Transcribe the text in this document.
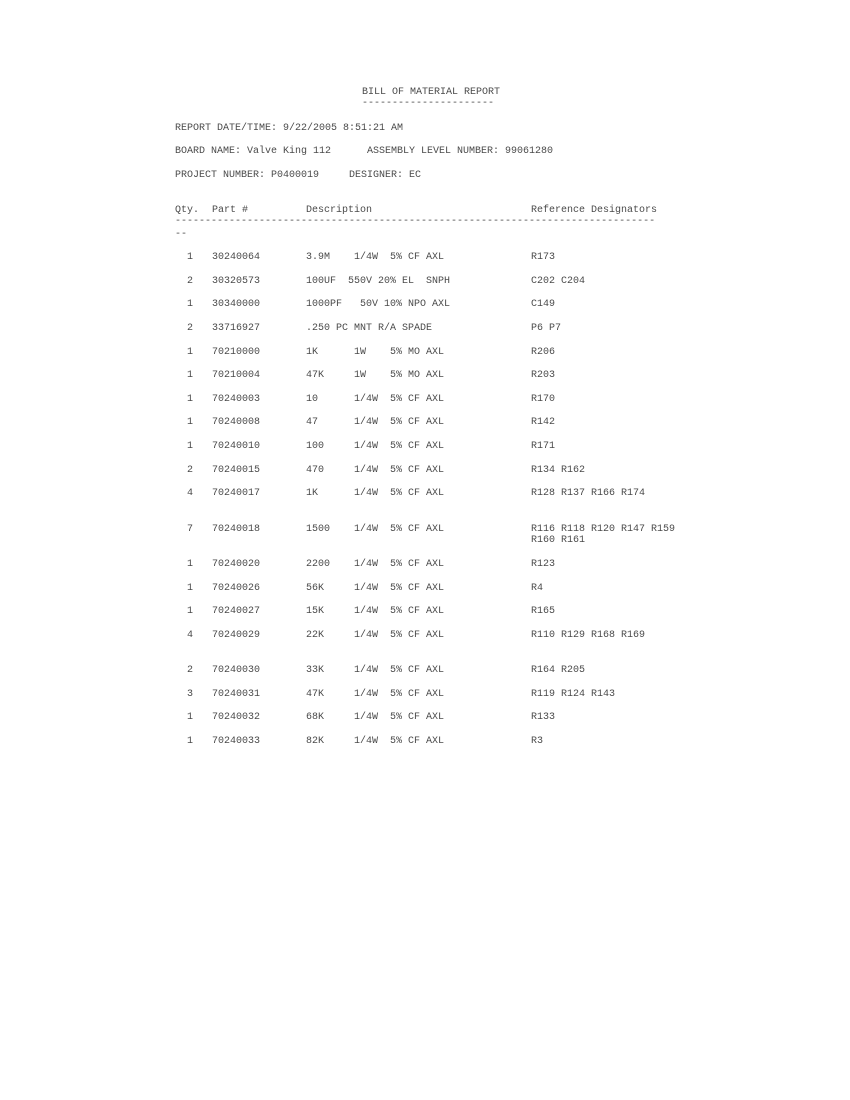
BILL OF MATERIAL REPORT
----------------------
REPORT DATE/TIME: 9/22/2005 8:51:21 AM
BOARD NAME: Valve King 112      ASSEMBLY LEVEL NUMBER: 99061280
PROJECT NUMBER: P0400019     DESIGNER: EC
Qty. Part #	Description	Reference Designators
--------------------------------------------------------------------------------
--
1 30240064	3.9M    1/4W  5% CF AXL	R173
2 30320573	100UF  550V 20% EL  SNPH	C202 C204
1 30340000	1000PF   50V 10% NPO AXL	C149
2 33716927	.250 PC MNT R/A SPADE	P6 P7
1 70210000	1K      1W    5% MO AXL	R206
1 70210004	47K     1W    5% MO AXL	R203
1 70240003	10      1/4W  5% CF AXL	R170
1 70240008	47      1/4W  5% CF AXL	R142
1 70240010	100     1/4W  5% CF AXL	R171
2 70240015	470     1/4W  5% CF AXL	R134 R162
4 70240017	1K      1/4W  5% CF AXL	R128 R137 R166 R174
7 70240018	1500    1/4W  5% CF AXL	R116 R118 R120 R147 R159 R160 R161
1 70240020	2200    1/4W  5% CF AXL	R123
1 70240026	56K     1/4W  5% CF AXL	R4
1 70240027	15K     1/4W  5% CF AXL	R165
4 70240029	22K     1/4W  5% CF AXL	R110 R129 R168 R169
2 70240030	33K     1/4W  5% CF AXL	R164 R205
3 70240031	47K     1/4W  5% CF AXL	R119 R124 R143
1 70240032	68K     1/4W  5% CF AXL	R133
1 70240033	82K     1/4W  5% CF AXL	R3
